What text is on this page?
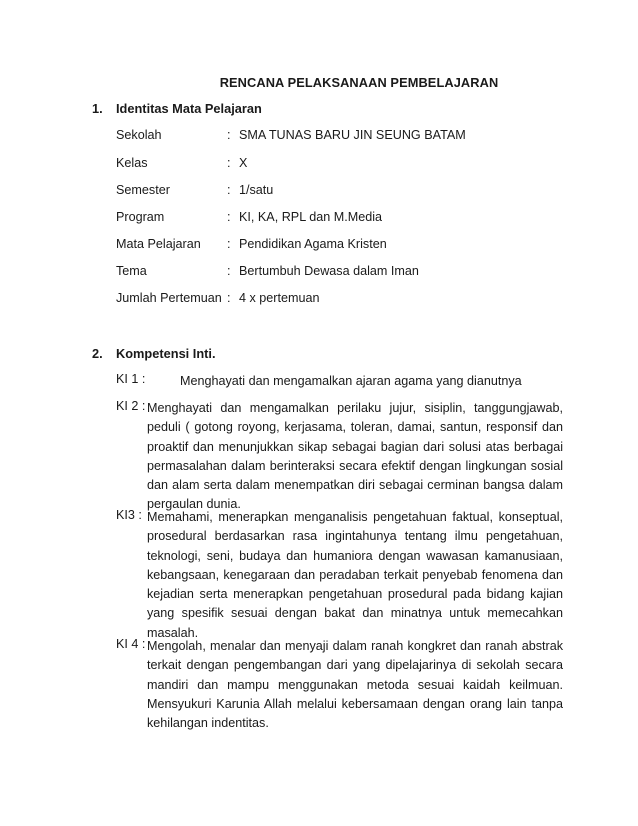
RENCANA PELAKSANAAN PEMBELAJARAN
1. Identitas Mata Pelajaran
Sekolah	: SMA TUNAS BARU JIN SEUNG BATAM
Kelas	: X
Semester	: 1/satu
Program	: KI, KA, RPL dan M.Media
Mata Pelajaran : Pendidikan Agama Kristen
Tema	: Bertumbuh Dewasa dalam Iman
Jumlah Pertemuan : 4 x pertemuan
2. Kompetensi Inti.
KI 1 :	Menghayati dan mengamalkan ajaran agama yang dianutnya
KI 2 : Menghayati dan mengamalkan perilaku jujur, sisiplin, tanggungjawab, peduli ( gotong royong, kerjasama, toleran, damai, santun, responsif dan proaktif dan menunjukkan sikap sebagai bagian dari solusi atas berbagai permasalahan dalam berinteraksi secara efektif dengan lingkungan sosial dan alam serta dalam menempatkan diri sebagai cerminan bangsa dalam pergaulan dunia.
KI3 : Memahami, menerapkan menganalisis pengetahuan faktual, konseptual, prosedural berdasarkan rasa ingintahunya tentang ilmu pengetahuan, teknologi, seni, budaya dan humaniora dengan wawasan kamanusiaan, kebangsaan, kenegaraan dan peradaban terkait penyebab fenomena dan kejadian serta menerapkan pengetahuan prosedural pada bidang kajian yang spesifik sesuai dengan bakat dan minatnya untuk memecahkan masalah.
KI 4 : Mengolah, menalar dan menyaji dalam ranah kongkret dan ranah abstrak terkait dengan pengembangan dari yang dipelajarinya di sekolah secara mandiri dan mampu menggunakan metoda sesuai kaidah keilmuan. Mensyukuri Karunia Allah melalui kebersamaan dengan orang lain tanpa kehilangan indentitas.
